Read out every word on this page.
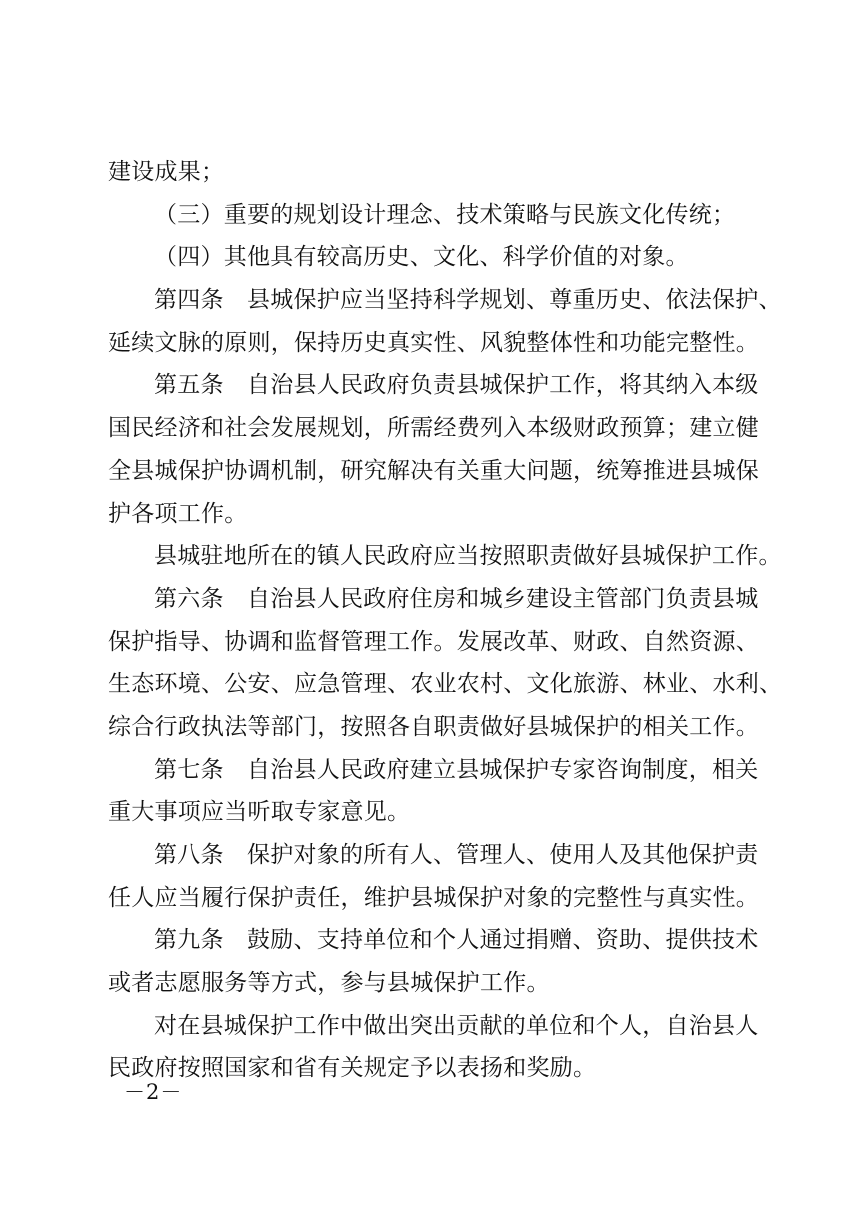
建设成果；
（三）重要的规划设计理念、技术策略与民族文化传统；
（四）其他具有较高历史、文化、科学价值的对象。
第四条　县城保护应当坚持科学规划、尊重历史、依法保护、
延续文脉的原则，保持历史真实性、风貌整体性和功能完整性。
第五条　自治县人民政府负责县城保护工作，将其纳入本级
国民经济和社会发展规划，所需经费列入本级财政预算；建立健
全县城保护协调机制，研究解决有关重大问题，统筹推进县城保
护各项工作。
县城驻地所在的镇人民政府应当按照职责做好县城保护工作。
第六条　自治县人民政府住房和城乡建设主管部门负责县城
保护指导、协调和监督管理工作。发展改革、财政、自然资源、
生态环境、公安、应急管理、农业农村、文化旅游、林业、水利、
综合行政执法等部门，按照各自职责做好县城保护的相关工作。
第七条　自治县人民政府建立县城保护专家咨询制度，相关
重大事项应当听取专家意见。
第八条　保护对象的所有人、管理人、使用人及其他保护责
任人应当履行保护责任，维护县城保护对象的完整性与真实性。
第九条　鼓励、支持单位和个人通过捐赠、资助、提供技术
或者志愿服务等方式，参与县城保护工作。
对在县城保护工作中做出突出贡献的单位和个人，自治县人
民政府按照国家和省有关规定予以表扬和奖励。
－2－
